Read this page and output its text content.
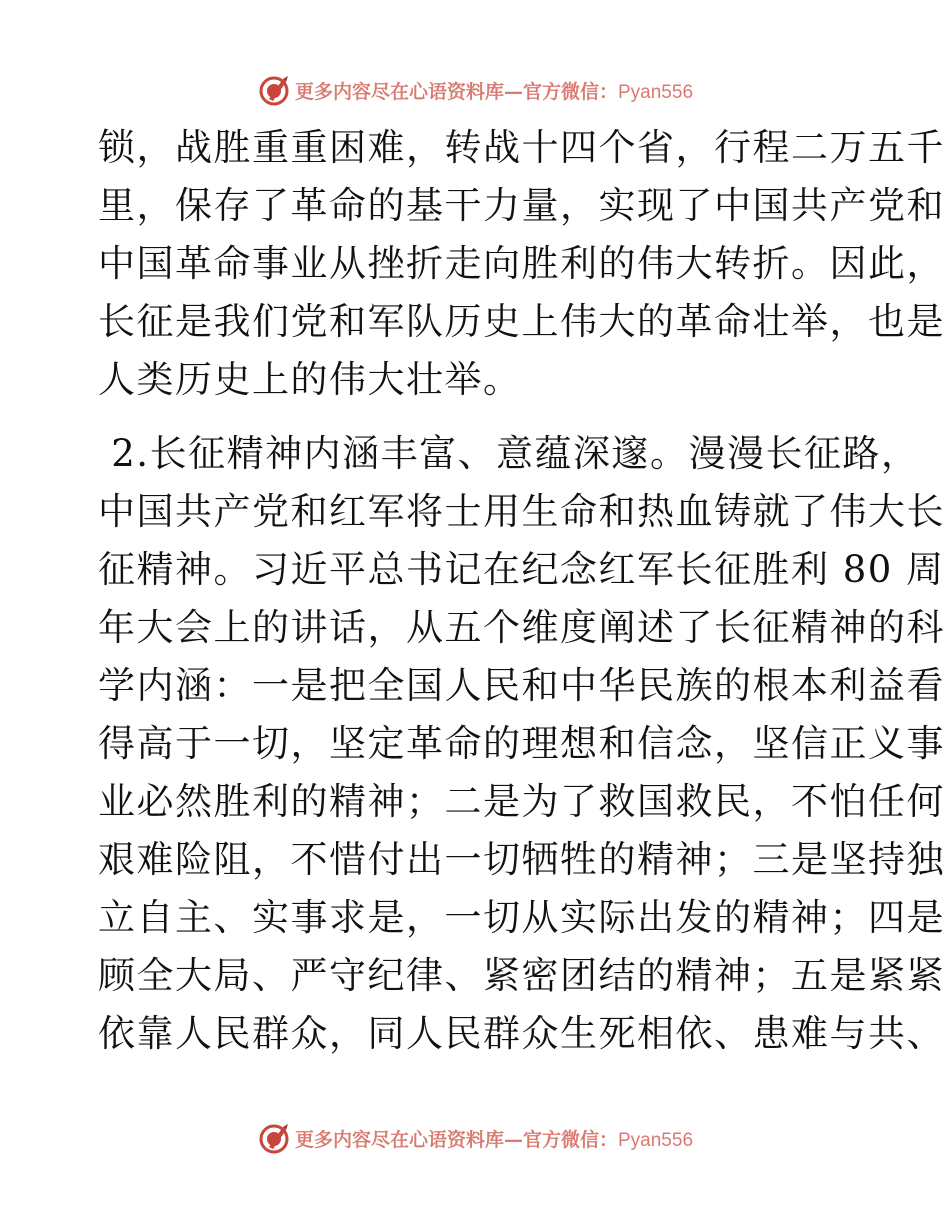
更多内容尽在心语资料库—官方微信：Pyan556
锁，战胜重重困难，转战十四个省，行程二万五千
里，保存了革命的基干力量，实现了中国共产党和
中国革命事业从挫折走向胜利的伟大转折。因此，
长征是我们党和军队历史上伟大的革命壮举，也是
人类历史上的伟大壮举。
2.长征精神内涵丰富、意蕴深邃。漫漫长征路，
中国共产党和红军将士用生命和热血铸就了伟大长
征精神。习近平总书记在纪念红军长征胜利 80 周
年大会上的讲话，从五个维度阐述了长征精神的科
学内涵：一是把全国人民和中华民族的根本利益看
得高于一切，坚定革命的理想和信念，坚信正义事
业必然胜利的精神；二是为了救国救民，不怕任何
艰难险阻，不惜付出一切牺牲的精神；三是坚持独
立自主、实事求是，一切从实际出发的精神；四是
顾全大局、严守纪律、紧密团结的精神；五是紧紧
依靠人民群众，同人民群众生死相依、患难与共、
更多内容尽在心语资料库—官方微信：Pyan556
